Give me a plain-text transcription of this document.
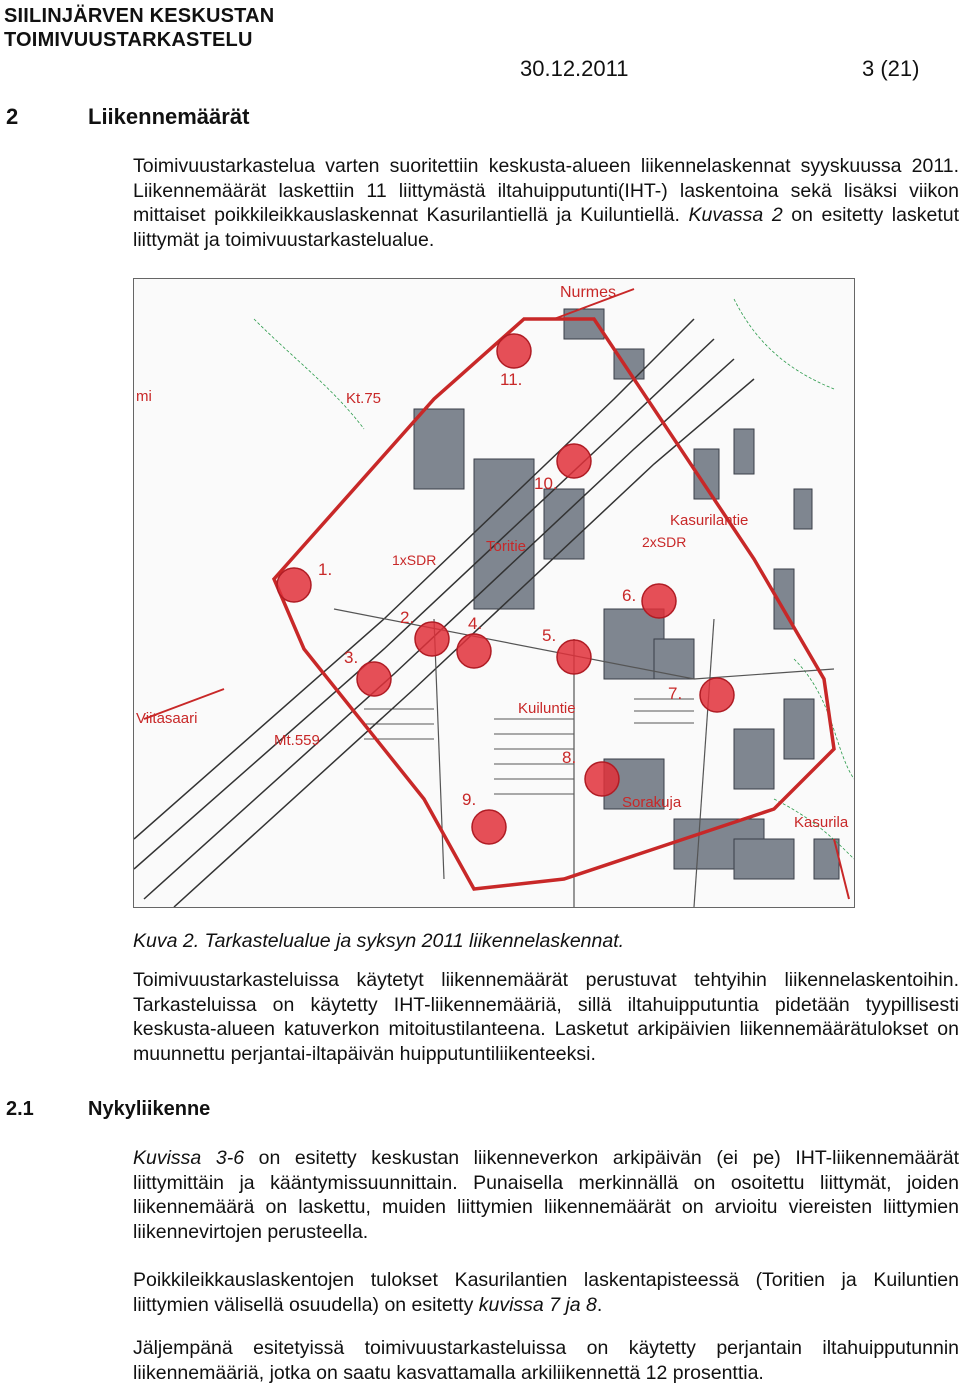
SIILINJÄRVEN KESKUSTAN
TOIMIVUUSTARKASTELU
30.12.2011	3 (21)
2	Liikennemäärät

Toimivuustarkastelua varten suoritettiin keskusta-alueen liikennelaskennat syyskuussa 2011. Liikennemäärät laskettiin 11 liittymästä iltahuipputunti(IHT-) laskentoina sekä lisäksi viikon mittaiset poikkileikkauslaskennat Kasurilantiellä ja Kuiluntiellä. Kuvassa 2 on esitetty lasketut liittymät ja toimivuustarkastelualue.

Nurmes
Kt.75
mi
Viitasaari
Mt.559
Toritie
Kasurilantie
Kuiluntie
Sorakuja
Kasurila
1xSDR
2xSDR
1.
2.
3.
4.
5.
6.
7.
8.
9.
10.
11.
Kuva 2. Tarkastelualue ja syksyn 2011 liikennelaskennat.

Toimivuustarkasteluissa käytetyt liikennemäärät perustuvat tehtyihin liikennelaskentoihin. Tarkasteluissa on käytetty IHT-liikennemääriä, sillä iltahuipputuntia pidetään tyypillisesti keskusta-alueen katuverkon mitoitustilanteena. Lasketut arkipäivien liikennemäärätulokset on muunnettu perjantai-iltapäivän huipputuntiliikenteeksi.

2.1	Nykyliikenne

Kuvissa 3-6 on esitetty keskustan liikenneverkon arkipäivän (ei pe) IHT-liikennemäärät liittymittäin ja kääntymissuunnittain. Punaisella merkinnällä on osoitettu liittymät, joiden liikennemäärä on laskettu, muiden liittymien liikennemäärät on arvioitu viereisten liittymien liikennevirtojen perusteella.

Poikkileikkauslaskentojen tulokset Kasurilantien laskentapisteessä (Toritien ja Kuiluntien liittymien välisellä osuudella) on esitetty kuvissa 7 ja 8.

Jäljempänä esitetyissä toimivuustarkasteluissa on käytetty perjantain iltahuipputunnin liikennemääriä, jotka on saatu kasvattamalla arkiliikennettä 12 prosenttia.
